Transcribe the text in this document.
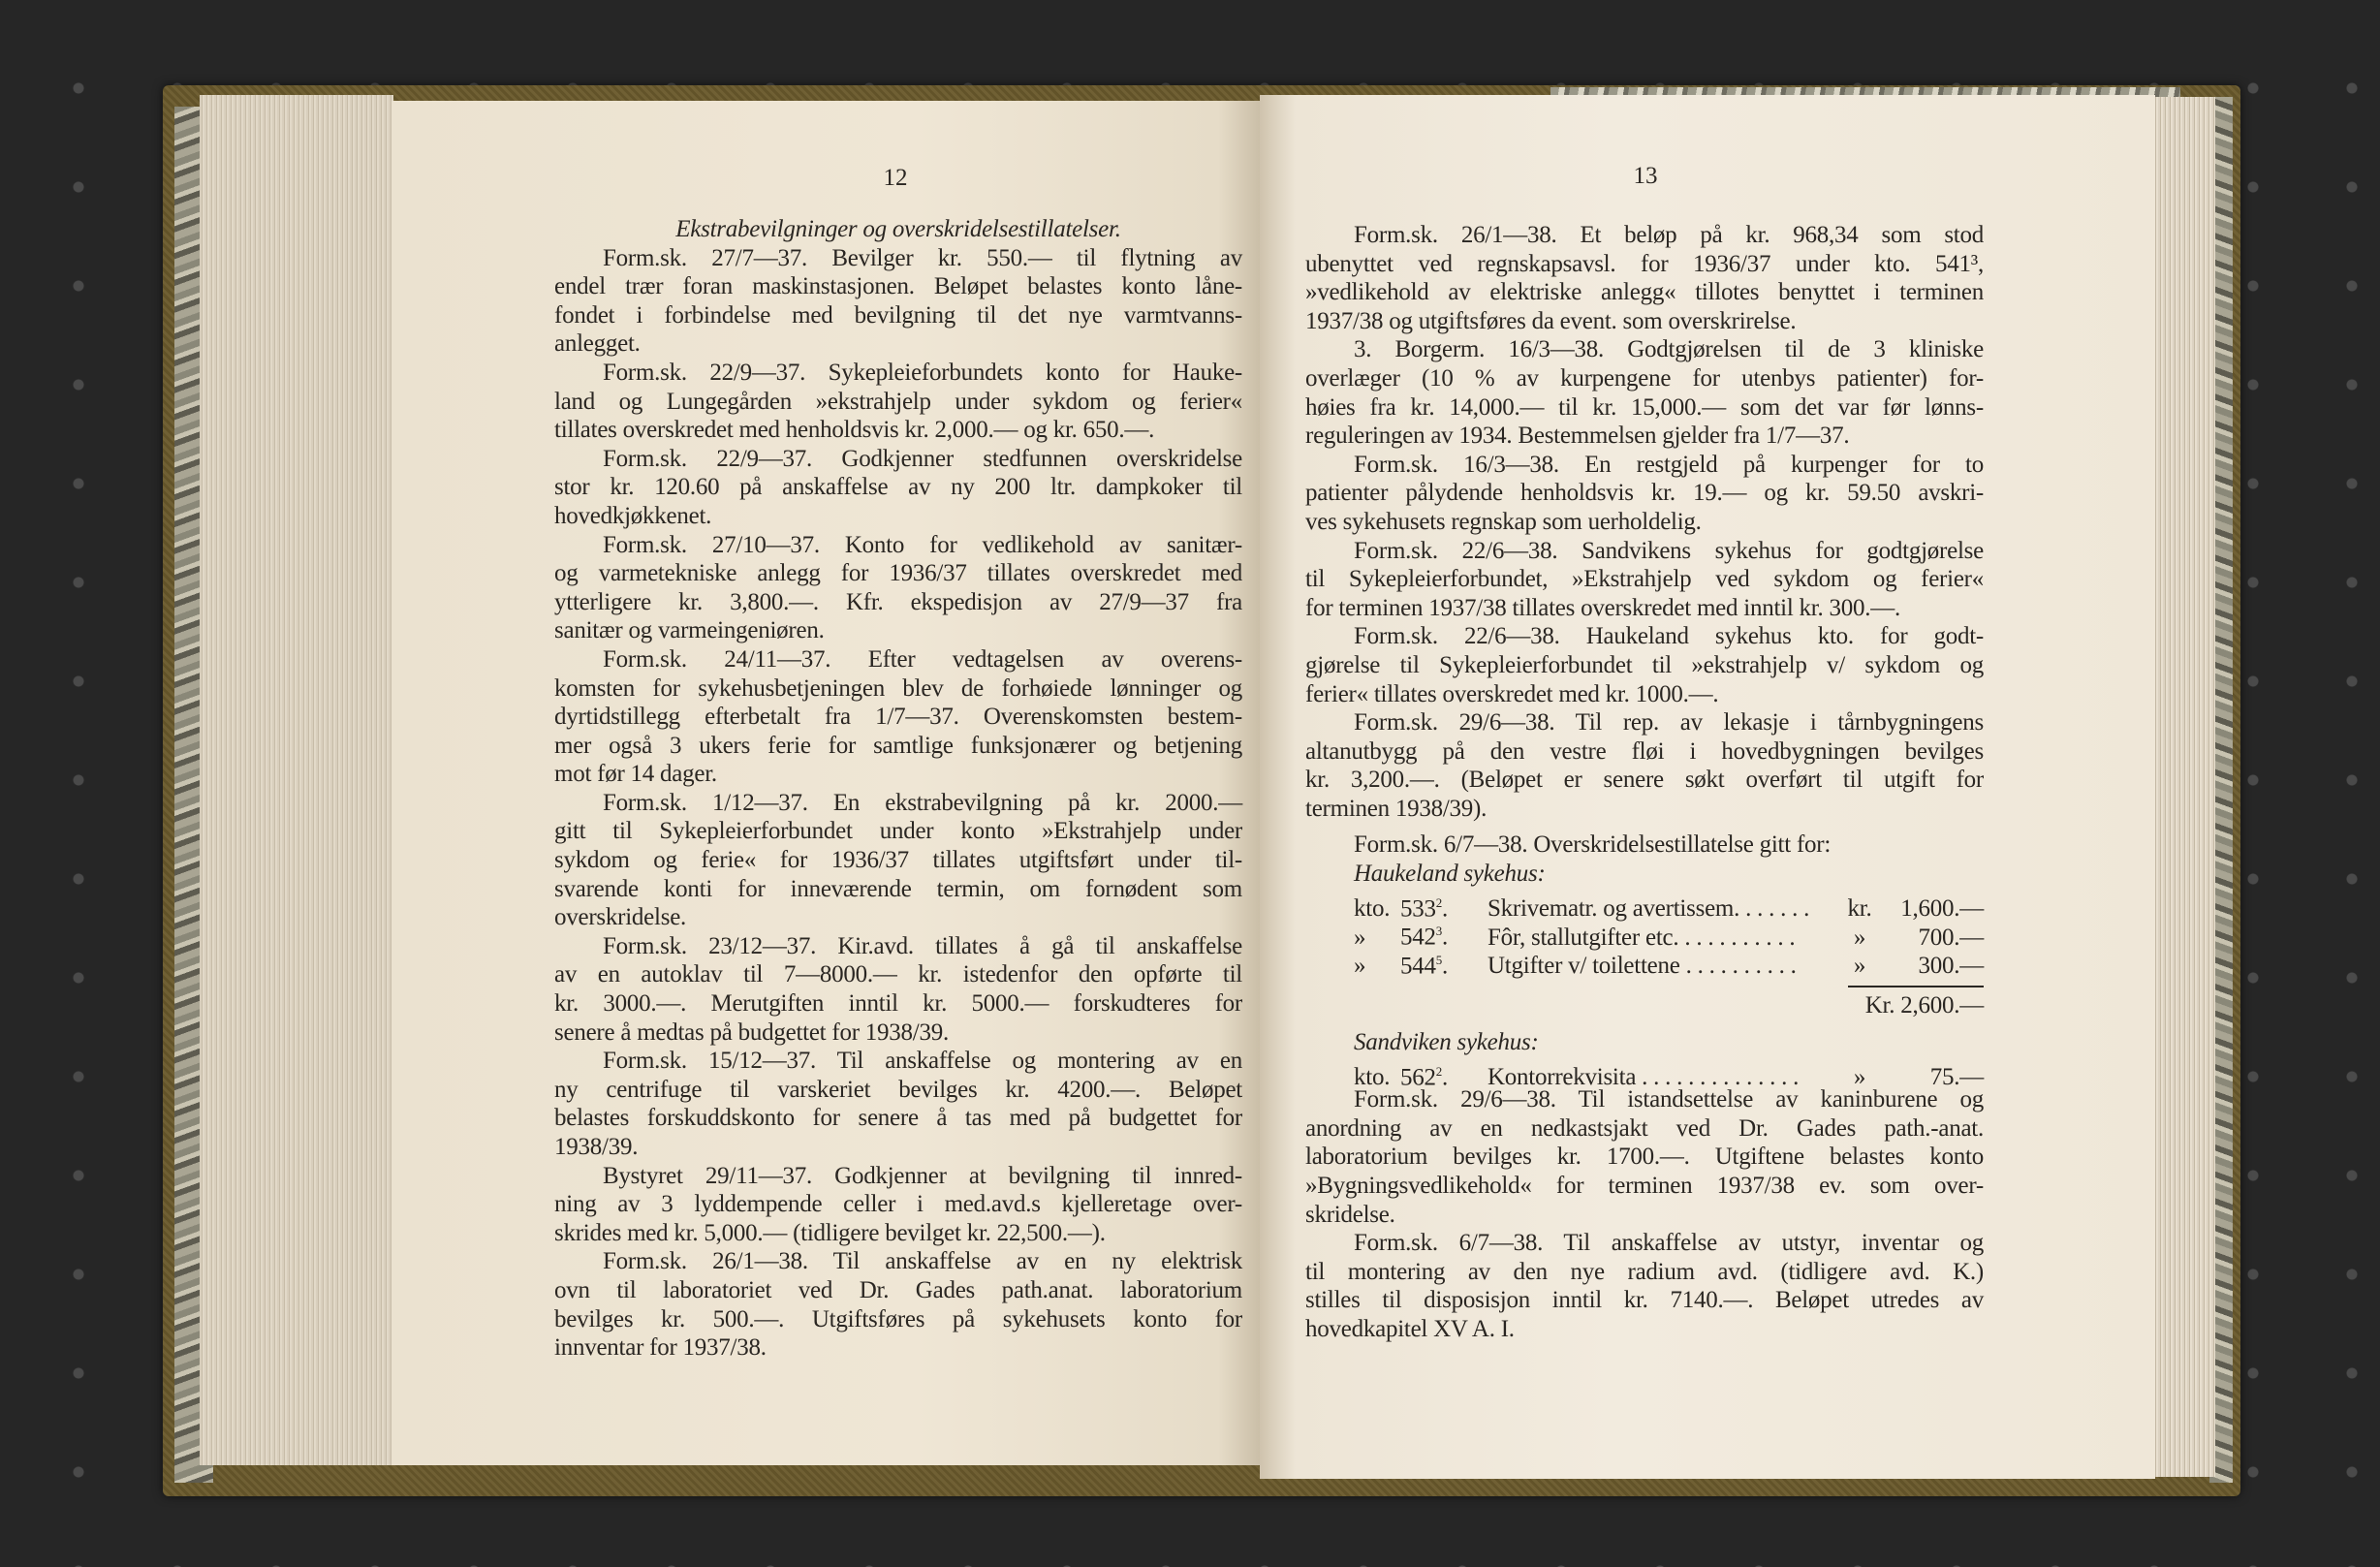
12	13
Ekstrabevilgninger og overskridelsestillatelser.
Form.sk. 27/7—37. Bevilger kr. 550.— til flytning av
endel trær foran maskinstasjonen. Beløpet belastes konto låne-
fondet i forbindelse med bevilgning til det nye varmtvanns-
anlegget.
Form.sk. 22/9—37. Sykepleieforbundets konto for Hauke-
land og Lungegården »ekstrahjelp under sykdom og ferier«
tillates overskredet med henholdsvis kr. 2,000.— og kr. 650.—.
Form.sk. 22/9—37. Godkjenner stedfunnen overskridelse
stor kr. 120.60 på anskaffelse av ny 200 ltr. dampkoker til
hovedkjøkkenet.
Form.sk. 27/10—37. Konto for vedlikehold av sanitær-
og varmetekniske anlegg for 1936/37 tillates overskredet med
ytterligere kr. 3,800.—. Kfr. ekspedisjon av 27/9—37 fra
sanitær og varmeingeniøren.
Form.sk. 24/11—37. Efter vedtagelsen av overens-
komsten for sykehusbetjeningen blev de forhøiede lønninger og
dyrtidstillegg efterbetalt fra 1/7—37. Overenskomsten bestem-
mer også 3 ukers ferie for samtlige funksjonærer og betjening
mot før 14 dager.
Form.sk. 1/12—37. En ekstrabevilgning på kr. 2000.—
gitt til Sykepleierforbundet under konto »Ekstrahjelp under
sykdom og ferie« for 1936/37 tillates utgiftsført under til-
svarende konti for inneværende termin, om fornødent som
overskridelse.
Form.sk. 23/12—37. Kir.avd. tillates å gå til anskaffelse
av en autoklav til 7—8000.— kr. istedenfor den opførte til
kr. 3000.—. Merutgiften inntil kr. 5000.— forskudteres for
senere å medtas på budgettet for 1938/39.
Form.sk. 15/12—37. Til anskaffelse og montering av en
ny centrifuge til varskeriet bevilges kr. 4200.—. Beløpet
belastes forskuddskonto for senere å tas med på budgettet for
1938/39.
Bystyret 29/11—37. Godkjenner at bevilgning til innred-
ning av 3 lyddempende celler i med.avd.s kjelleretage over-
skrides med kr. 5,000.— (tidligere bevilget kr. 22,500.—).
Form.sk. 26/1—38. Til anskaffelse av en ny elektrisk
ovn til laboratoriet ved Dr. Gades path.anat. laboratorium
bevilges kr. 500.—. Utgiftsføres på sykehusets konto for
innventar for 1937/38.
Form.sk. 26/1—38. Et beløp på kr. 968,34 som stod
ubenyttet ved regnskapsavsl. for 1936/37 under kto. 541³,
»vedlikehold av elektriske anlegg« tillotes benyttet i terminen
1937/38 og utgiftsføres da event. som overskrirelse.
3. Borgerm. 16/3—38. Godtgjørelsen til de 3 kliniske
overlæger (10 % av kurpengene for utenbys patienter) for-
høies fra kr. 14,000.— til kr. 15,000.— som det var før lønns-
reguleringen av 1934. Bestemmelsen gjelder fra 1/7—37.
Form.sk. 16/3—38. En restgjeld på kurpenger for to
patienter pålydende henholdsvis kr. 19.— og kr. 59.50 avskri-
ves sykehusets regnskap som uerholdelig.
Form.sk. 22/6—38. Sandvikens sykehus for godtgjørelse
til Sykepleierforbundet, »Ekstrahjelp ved sykdom og ferier«
for terminen 1937/38 tillates overskredet med inntil kr. 300.—.
Form.sk. 22/6—38. Haukeland sykehus kto. for godt-
gjørelse til Sykepleierforbundet til »ekstrahjelp v/ sykdom og
ferier« tillates overskredet med kr. 1000.—.
Form.sk. 29/6—38. Til rep. av lekasje i tårnbygningens
altanutbygg på den vestre fløi i hovedbygningen bevilges
kr. 3,200.—. (Beløpet er senere søkt overført til utgift for
terminen 1938/39).
Form.sk. 6/7—38. Overskridelsestillatelse gitt for:
Haukeland sykehus:
kto. $533^2$.	Skrivematr. og avertissem. . . . . . .	kr.	1,600.—
»	$542^3$.	Fôr, stallutgifter etc. . . . . . . . . . .	»	700.—
»	$544^5$.	Utgifter v/ toilettene . . . . . . . . . .	»	300.—
Kr. 2,600.—
Sandviken sykehus:
kto. $562^2$.	Kontorrekvisita . . . . . . . . . . . . . .	»	75.—
Form.sk. 29/6—38. Til istandsettelse av kaninburene og
anordning av en nedkastsjakt ved Dr. Gades path.-anat.
laboratorium bevilges kr. 1700.—. Utgiftene belastes konto
»Bygningsvedlikehold« for terminen 1937/38 ev. som over-
skridelse.
Form.sk. 6/7—38. Til anskaffelse av utstyr, inventar og
til montering av den nye radium avd. (tidligere avd. K.)
stilles til disposisjon inntil kr. 7140.—. Beløpet utredes av
hovedkapitel XV A. I.
